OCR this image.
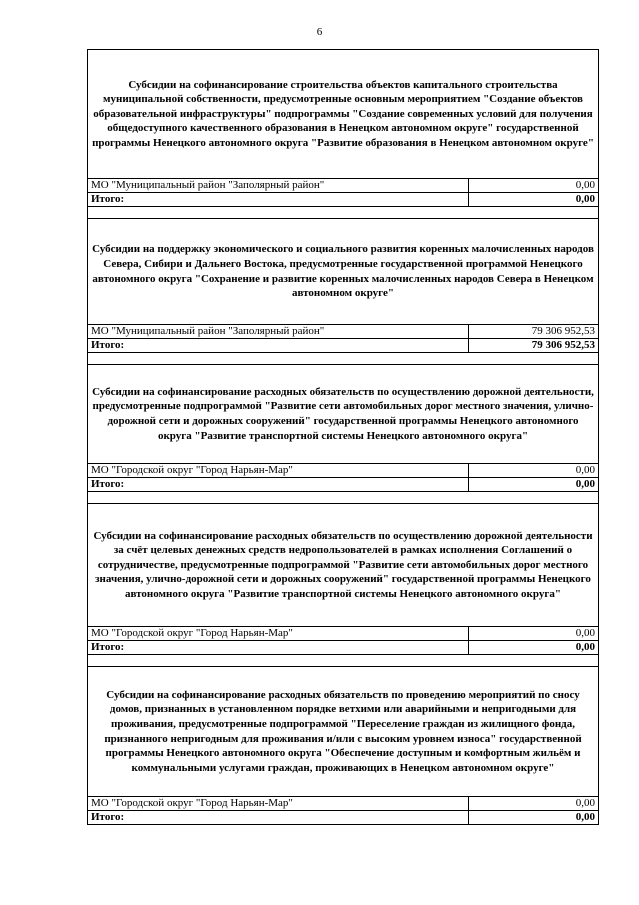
6
Субсидии на софинансирование строительства объектов капитального строительства муниципальной собственности, предусмотренные основным мероприятием "Создание объектов образовательной инфраструктуры" подпрограммы "Создание современных условий для получения общедоступного качественного образования в Ненецком автономном округе" государственной программы Ненецкого автономного округа "Развитие образования в Ненецком автономном округе"
МО "Муниципальный район "Заполярный район"	0,00
Итого:	0,00
Субсидии на поддержку экономического и социального развития коренных малочисленных народов Севера, Сибири и Дальнего Востока, предусмотренные государственной программой Ненецкого автономного округа "Сохранение и развитие коренных малочисленных народов Севера в Ненецком автономном округе"
МО "Муниципальный район "Заполярный район"	79 306 952,53
Итого:	79 306 952,53
Субсидии на софинансирование расходных обязательств по осуществлению дорожной деятельности, предусмотренные подпрограммой "Развитие сети автомобильных дорог местного значения, улично-дорожной сети и дорожных сооружений" государственной программы Ненецкого автономного округа "Развитие транспортной системы Ненецкого автономного округа"
МО "Городской округ "Город Нарьян-Мар"	0,00
Итого:	0,00
Субсидии на софинансирование расходных обязательств по осуществлению дорожной деятельности за счёт целевых денежных средств недропользователей в рамках исполнения Соглашений о сотрудничестве, предусмотренные подпрограммой "Развитие сети автомобильных дорог местного значения, улично-дорожной сети и дорожных сооружений" государственной программы Ненецкого автономного округа "Развитие транспортной системы Ненецкого автономного округа"
МО "Городской округ "Город Нарьян-Мар"	0,00
Итого:	0,00
Субсидии на софинансирование расходных обязательств по проведению мероприятий по сносу домов, признанных в установленном порядке ветхими или аварийными и непригодными для проживания, предусмотренные подпрограммой "Переселение граждан из жилищного фонда, признанного непригодным для проживания и/или с высоким уровнем износа" государственной программы Ненецкого автономного округа "Обеспечение доступным и комфортным жильём и коммунальными услугами граждан, проживающих в Ненецком автономном округе"
МО "Городской округ "Город Нарьян-Мар"	0,00
Итого:	0,00
